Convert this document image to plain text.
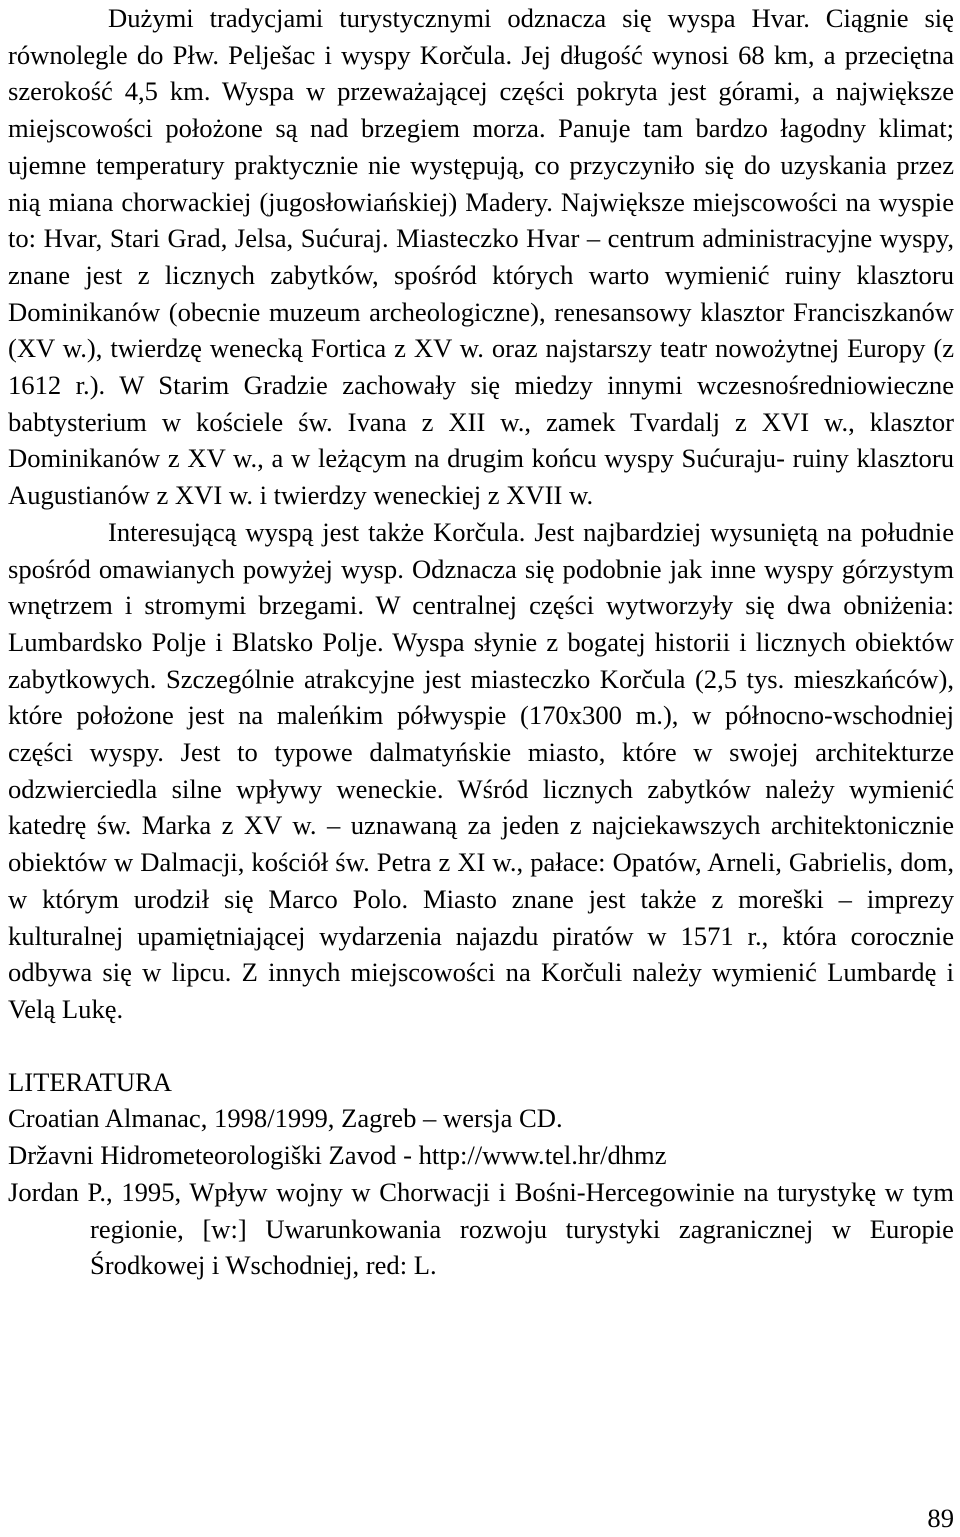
Dużymi tradycjami turystycznymi odznacza się wyspa Hvar. Ciągnie się równolegle do Płw. Pelješac i wyspy Korčula. Jej długość wynosi 68 km, a przeciętna szerokość 4,5 km. Wyspa w przeważającej części pokryta jest górami, a największe miejscowości położone są nad brzegiem morza. Panuje tam bardzo łagodny klimat; ujemne temperatury praktycznie nie występują, co przyczyniło się do uzyskania przez nią miana chorwackiej (jugosłowiańskiej) Madery. Największe miejscowości na wyspie to: Hvar, Stari Grad, Jelsa, Sućuraj. Miasteczko Hvar – centrum administracyjne wyspy, znane jest z licznych zabytków, spośród których warto wymienić ruiny klasztoru Dominikanów (obecnie muzeum archeologiczne), renesansowy klasztor Franciszkanów (XV w.), twierdzę wenecką Fortica z XV w. oraz najstarszy teatr nowożytnej Europy (z 1612 r.). W Starim Gradzie zachowały się miedzy innymi wczesnośredniowieczne babtysterium w kościele św. Ivana z XII w., zamek Tvardalj z XVI w., klasztor Dominikanów z XV w., a w leżącym na drugim końcu wyspy Sućuraju- ruiny klasztoru Augustianów z XVI w. i twierdzy weneckiej z XVII w.

Interesującą wyspą jest także Korčula. Jest najbardziej wysuniętą na południe spośród omawianych powyżej wysp. Odznacza się podobnie jak inne wyspy górzystym wnętrzem i stromymi brzegami. W centralnej części wytworzyły się dwa obniżenia: Lumbardsko Polje i Blatsko Polje. Wyspa słynie z bogatej historii i licznych obiektów zabytkowych. Szczególnie atrakcyjne jest miasteczko Korčula (2,5 tys. mieszkańców), które położone jest na maleńkim półwyspie (170x300 m.), w północno-wschodniej części wyspy. Jest to typowe dalmatyńskie miasto, które w swojej architekturze odzwierciedla silne wpływy weneckie. Wśród licznych zabytków należy wymienić katedrę św. Marka z XV w. – uznawaną za jeden z najciekawszych architektonicznie obiektów w Dalmacji, kościół św. Petra z XI w., pałace: Opatów, Arneli, Gabrielis, dom, w którym urodził się Marco Polo. Miasto znane jest także z moreški – imprezy kulturalnej upamiętniającej wydarzenia najazdu piratów w 1571 r., która corocznie odbywa się w lipcu. Z innych miejscowości na Korčuli należy wymienić Lumbardę i Velą Lukę.

LITERATURA

Croatian Almanac, 1998/1999, Zagreb – wersja CD.

Državni Hidrometeorologiški Zavod - http://www.tel.hr/dhmz

Jordan P., 1995, Wpływ wojny w Chorwacji i Bośni-Hercegowinie na turystykę w tym regionie, [w:] Uwarunkowania rozwoju turystyki zagranicznej w Europie Środkowej i Wschodniej, red: L.

89
